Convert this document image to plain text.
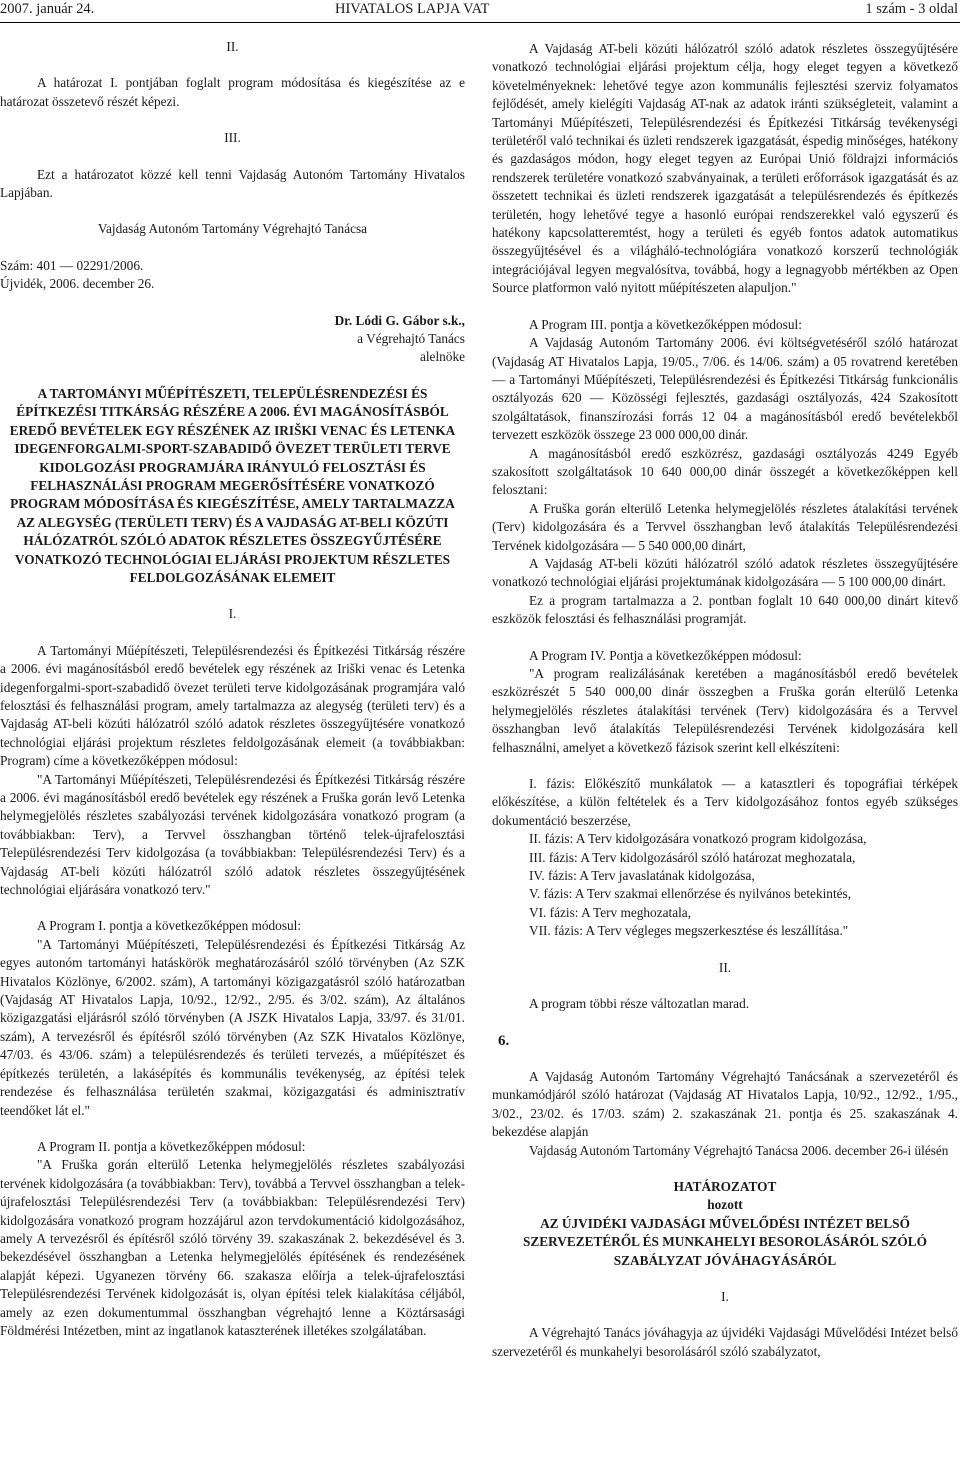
2007. január 24.	HIVATALOS LAPJA VAT	1 szám - 3 oldal

II.

A határozat I. pontjában foglalt program módosítása és kiegészítése az e határozat összetevő részét képezi.

III.

Ezt a határozatot közzé kell tenni Vajdaság Autonóm Tartomány Hivatalos Lapjában.

Vajdaság Autonóm Tartomány Végrehajtó Tanácsa

Szám: 401 — 02291/2006.

Újvidék, 2006. december 26.

Dr. Lódi G. Gábor s.k.,

a Végrehajtó Tanács

alelnöke

A TARTOMÁNYI MŰÉPÍTÉSZETI, TELEPÜLÉSRENDEZÉSI ÉS ÉPÍTKEZÉSI TITKÁRSÁG RÉSZÉRE A 2006. ÉVI MAGÁNOSÍTÁSBÓL EREDŐ BEVÉTELEK EGY RÉSZÉNEK AZ IRIŠKI VENAC ÉS LETENKA IDEGENFORGALMI-SPORT-SZABADIDŐ ÖVEZET TERÜLETI TERVE KIDOLGOZÁSI PROGRAMJÁRA IRÁNYULÓ FELOSZTÁSI ÉS FELHASZNÁLÁSI PROGRAM MEGERŐSÍTÉSÉRE VONATKOZÓ PROGRAM MÓDOSÍTÁSA ÉS KIEGÉSZÍTÉSE, AMELY TARTALMAZZA AZ ALEGYSÉG (TERÜLETI TERV) ÉS A VAJDASÁG AT-BELI KÖZÚTI HÁLÓZATRÓL SZÓLÓ ADATOK RÉSZLETES ÖSSZEGYŰJTÉSÉRE VONATKOZÓ TECHNOLÓGIAI ELJÁRÁSI PROJEKTUM RÉSZLETES FELDOLGOZÁSÁNAK ELEMEIT

I.

A Tartományi Műépítészeti, Településrendezési és Építkezési Titkárság részére a 2006. évi magánosításból eredő bevételek egy részének az Iriški venac és Letenka idegenforgalmi-sport-szabadidő övezet területi terve kidolgozásának programjára való felosztási és felhasználási program, amely tartalmazza az alegység (területi terv) és a Vajdaság AT-beli közúti hálózatról szóló adatok részletes összegyűjtésére vonatkozó technológiai eljárási projektum részletes feldolgozásának elemeit (a továbbiakban: Program) címe a következőképpen módosul:

"A Tartományi Műépítészeti, Településrendezési és Építkezési Titkárság részére a 2006. évi magánosításból eredő bevételek egy részének a Fruška gorán levő Letenka helymegjelölés részletes szabályozási tervének kidolgozására vonatkozó program (a továbbiakban: Terv), a Tervvel összhangban történő telek-újrafelosztási Településrendezési Terv kidolgozása (a továbbiakban: Településrendezési Terv) és a Vajdaság AT-beli közúti hálózatról szóló adatok részletes összegyűjtésének technológiai eljárására vonatkozó terv."

A Program I. pontja a következőképpen módosul:

"A Tartományi Műépítészeti, Településrendezési és Építkezési Titkárság Az egyes autonóm tartományi hatáskörök meghatározásáról szóló törvényben (Az SZK Hivatalos Közlönye, 6/2002. szám), A tartományi közigazgatásról szóló határozatban (Vajdaság AT Hivatalos Lapja, 10/92., 12/92., 2/95. és 3/02. szám), Az általános közigazgatási eljárásról szóló törvényben (A JSZK Hivatalos Lapja, 33/97. és 31/01. szám), A tervezésről és építésről szóló törvényben (Az SZK Hivatalos Közlönye, 47/03. és 43/06. szám) a településrendezés és területi tervezés, a műépítészet és építkezés területén, a lakásépítés és kommunális tevékenység, az építési telek rendezése és felhasználása területén szakmai, közigazgatási és adminisztratív teendőket lát el."

A Program II. pontja a következőképpen módosul:

"A Fruška gorán elterülő Letenka helymegjelölés részletes szabályozási tervének kidolgozására (a továbbiakban: Terv), továbbá a Tervvel összhangban a telek-újrafelosztási Településrendezési Terv (a továbbiakban: Településrendezési Terv) kidolgozására vonatkozó program hozzájárul azon tervdokumentáció kidolgozásához, amely A tervezésről és építésről szóló törvény 39. szakaszának 2. bekezdésével és 3. bekezdésével összhangban a Letenka helymegjelölés építésének és rendezésének alapját képezi. Ugyanezen törvény 66. szakasza előírja a telek-újrafelosztási Településrendezési Tervének kidolgozását is, olyan építési telek kialakítása céljából, amely az ezen dokumentummal összhangban végrehajtó lenne a Köztársasági Földmérési Intézetben, mint az ingatlanok kataszterének illetékes szolgálatában.

A Vajdaság AT-beli közúti hálózatról szóló adatok részletes összegyűjtésére vonatkozó technológiai eljárási projektum célja, hogy eleget tegyen a következő követelményeknek: lehetővé tegye azon kommunális fejlesztési szerviz folyamatos fejlődését, amely kielégíti Vajdaság AT-nak az adatok iránti szükségleteit, valamint a Tartományi Műépítészeti, Településrendezési és Építkezési Titkárság tevékenységi területéről való technikai és üzleti rendszerek igazgatását, éspedig minőséges, hatékony és gazdaságos módon, hogy eleget tegyen az Európai Unió földrajzi információs rendszerek területére vonatkozó szabványainak, a területi erőforrások igazgatását és az összetett technikai és üzleti rendszerek igazgatását a településrendezés és építkezés területén, hogy lehetővé tegye a hasonló európai rendszerekkel való egyszerű és hatékony kapcsolatteremtést, hogy a területi és egyéb fontos adatok automatikus összegyűjtésével és a világháló-technológiára vonatkozó korszerű technológiák integrációjával legyen megvalósítva, továbbá, hogy a legnagyobb mértékben az Open Source platformon való nyitott műépítészeten alapuljon."

A Program III. pontja a következőképpen módosul:

A Vajdaság Autonóm Tartomány 2006. évi költségvetéséről szóló határozat (Vajdaság AT Hivatalos Lapja, 19/05., 7/06. és 14/06. szám) a 05 rovatrend keretében — a Tartományi Műépítészeti, Településrendezési és Építkezési Titkárság funkcionális osztályozás 620 — Közösségi fejlesztés, gazdasági osztályozás, 424 Szakosított szolgáltatások, finanszírozási forrás 12 04 a magánosításból eredő bevételekből tervezett eszközök összege 23 000 000,00 dinár.

A magánosításból eredő eszközrész, gazdasági osztályozás 4249 Egyéb szakosított szolgáltatások 10 640 000,00 dinár összegét a következőképpen kell felosztani:

A Fruška gorán elterülő Letenka helymegjelölés részletes átalakítási tervének (Terv) kidolgozására és a Tervvel összhangban levő átalakítás Településrendezési Tervének kidolgozására — 5 540 000,00 dinárt,

A Vajdaság AT-beli közúti hálózatról szóló adatok részletes összegyűjtésére vonatkozó technológiai eljárási projektumának kidolgozására — 5 100 000,00 dinárt.

Ez a program tartalmazza a 2. pontban foglalt 10 640 000,00 dinárt kitevő eszközök felosztási és felhasználási programját.

A Program IV. Pontja a következőképpen módosul:

"A program realizálásának keretében a magánosításból eredő bevételek eszközrészét 5 540 000,00 dinár összegben a Fruška gorán elterülő Letenka helymegjelölés részletes átalakítási tervének (Terv) kidolgozására és a Tervvel összhangban levő átalakítás Településrendezési Tervének kidolgozására kell felhasználni, amelyet a következő fázisok szerint kell elkészíteni:

I. fázis: Előkészítő munkálatok — a katasztleri és topográfiai térképek előkészítése, a külön feltételek és a Terv kidolgozásához fontos egyéb szükséges dokumentáció beszerzése,

II. fázis: A Terv kidolgozására vonatkozó program kidolgozása,

III. fázis: A Terv kidolgozásáról szóló határozat meghozatala,

IV. fázis: A Terv javaslatának kidolgozása,

V. fázis: A Terv szakmai ellenőrzése és nyilvános betekintés,

VI. fázis: A Terv meghozatala,

VII. fázis: A Terv végleges megszerkesztése és leszállítása."

II.

A program többi része változatlan marad.

6.

A Vajdaság Autonóm Tartomány Végrehajtó Tanácsának a szervezetéről és munkamódjáról szóló határozat (Vajdaság AT Hivatalos Lapja, 10/92., 12/92., 1/95., 3/02., 23/02. és 17/03. szám) 2. szakaszának 21. pontja és 25. szakaszának 4. bekezdése alapján

Vajdaság Autonóm Tartomány Végrehajtó Tanácsa 2006. december 26-i ülésén

HATÁROZATOT

hozott

AZ ÚJVIDÉKI VAJDASÁGI MŰVELŐDÉSI INTÉZET BELSŐ SZERVEZETÉRŐL ÉS MUNKAHELYI BESOROLÁSÁRÓL SZÓLÓ SZABÁLYZAT JÓVÁHAGYÁSÁRÓL

I.

A Végrehajtó Tanács jóváhagyja az újvidéki Vajdasági Művelődési Intézet belső szervezetéről és munkahelyi besorolásáról szóló szabályzatot,
